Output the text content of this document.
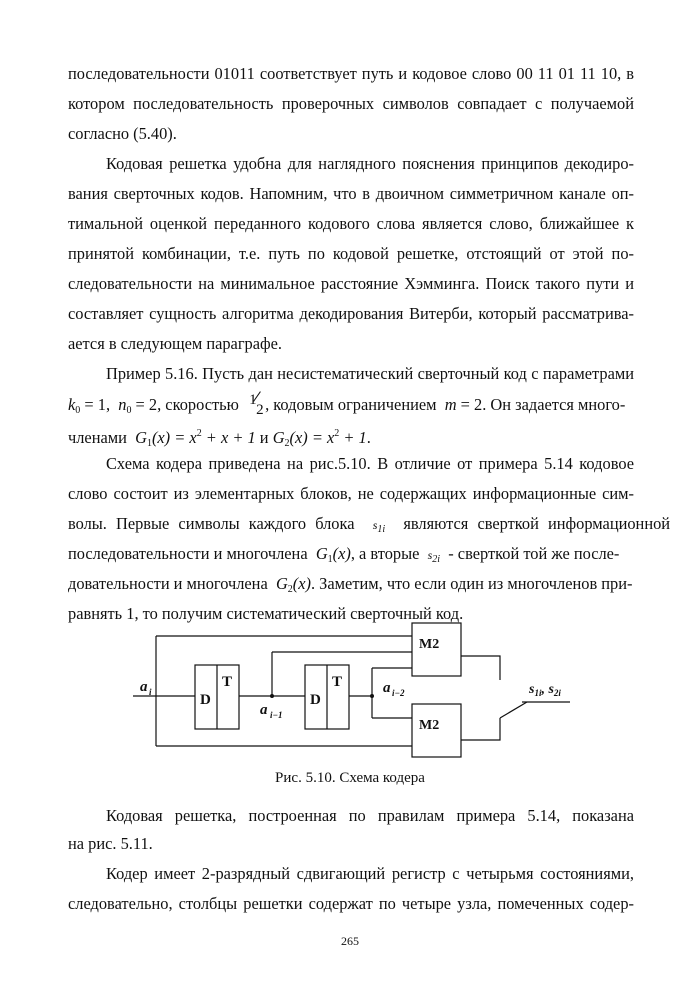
последовательности 01011 соответствует путь и кодовое слово 00 11 01 11 10, в
котором последовательность проверочных символов совпадает с получаемой
согласно (5.40).
Кодовая решетка удобна для наглядного пояснения принципов декодиро-
вания сверточных кодов. Напомним, что в двоичном симметричном канале оп-
тимальной оценкой переданного кодового слова является слово, ближайшее к
принятой комбинации, т.е. путь по кодовой решетке, отстоящий от этой по-
следовательности на минимальное расстояние Хэмминга. Поиск такого пути и
составляет сущность алгоритма декодирования Витерби, который рассматрива-
ается в следующем параграфе.
Пример 5.16. Пусть дан несистематический сверточный код с параметрами
$k_0 = 1$,  $n_0 = 2$, скоростью 1
2 , кодовым ограничением m = 2. Он задается много-
членами $G_1(x) = x^2 + x + 1$ и $G_2(x) = x^2 + 1$.
Схема кодера приведена на рис.5.10. В отличие от примера 5.14 кодовое
слово состоит из элементарных блоков, не содержащих информационные сим-
волы. Первые символы каждого блока $s_{1i}$ являются сверткой информационной
последовательности и многочлена $G_1(x)$, а вторые $s_{2i}$ - сверткой той же после-
довательности и многочлена $G_2(x)$. Заметим, что если один из многочленов при-
равнять 1, то получим систематический сверточный код.
a i	D
T
a i−1
D
T	a i−2
M2
M2
$s_{1i}$, $s_{2i}$
Рис. 5.10. Схема кодера
Кодовая решетка, построенная по правилам примера 5.14, показана
на рис. 5.11.
Кодер имеет 2-разрядный сдвигающий регистр с четырьмя состояниями,
следовательно, столбцы решетки содержат по четыре узла, помеченных содер-
265
